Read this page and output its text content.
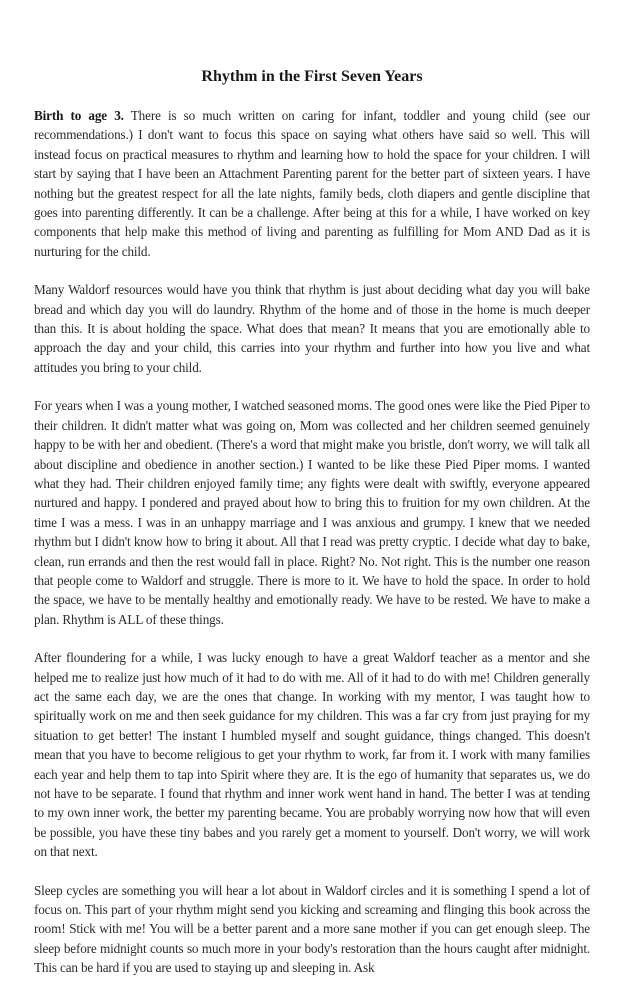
Rhythm in the First Seven Years

Birth to age 3. There is so much written on caring for infant, toddler and young child (see our recommendations.) I don't want to focus this space on saying what others have said so well. This will instead focus on practical measures to rhythm and learning how to hold the space for your children. I will start by saying that I have been an Attachment Parenting parent for the better part of sixteen years. I have nothing but the greatest respect for all the late nights, family beds, cloth diapers and gentle discipline that goes into parenting differently. It can be a challenge. After being at this for a while, I have worked on key components that help make this method of living and parenting as fulfilling for Mom AND Dad as it is nurturing for the child.

Many Waldorf resources would have you think that rhythm is just about deciding what day you will bake bread and which day you will do laundry. Rhythm of the home and of those in the home is much deeper than this. It is about holding the space. What does that mean? It means that you are emotionally able to approach the day and your child, this carries into your rhythm and further into how you live and what attitudes you bring to your child.

For years when I was a young mother, I watched seasoned moms. The good ones were like the Pied Piper to their children. It didn't matter what was going on, Mom was collected and her children seemed genuinely happy to be with her and obedient. (There's a word that might make you bristle, don't worry, we will talk all about discipline and obedience in another section.) I wanted to be like these Pied Piper moms. I wanted what they had. Their children enjoyed family time; any fights were dealt with swiftly, everyone appeared nurtured and happy. I pondered and prayed about how to bring this to fruition for my own children. At the time I was a mess. I was in an unhappy marriage and I was anxious and grumpy. I knew that we needed rhythm but I didn't know how to bring it about. All that I read was pretty cryptic. I decide what day to bake, clean, run errands and then the rest would fall in place. Right? No. Not right. This is the number one reason that people come to Waldorf and struggle. There is more to it. We have to hold the space. In order to hold the space, we have to be mentally healthy and emotionally ready. We have to be rested. We have to make a plan. Rhythm is ALL of these things.

After floundering for a while, I was lucky enough to have a great Waldorf teacher as a mentor and she helped me to realize just how much of it had to do with me. All of it had to do with me! Children generally act the same each day, we are the ones that change. In working with my mentor, I was taught how to spiritually work on me and then seek guidance for my children. This was a far cry from just praying for my situation to get better! The instant I humbled myself and sought guidance, things changed. This doesn't mean that you have to become religious to get your rhythm to work, far from it. I work with many families each year and help them to tap into Spirit where they are. It is the ego of humanity that separates us, we do not have to be separate. I found that rhythm and inner work went hand in hand. The better I was at tending to my own inner work, the better my parenting became. You are probably worrying now how that will even be possible, you have these tiny babes and you rarely get a moment to yourself. Don't worry, we will work on that next.

Sleep cycles are something you will hear a lot about in Waldorf circles and it is something I spend a lot of focus on. This part of your rhythm might send you kicking and screaming and flinging this book across the room! Stick with me! You will be a better parent and a more sane mother if you can get enough sleep. The sleep before midnight counts so much more in your body's restoration than the hours caught after midnight. This can be hard if you are used to staying up and sleeping in. Ask
